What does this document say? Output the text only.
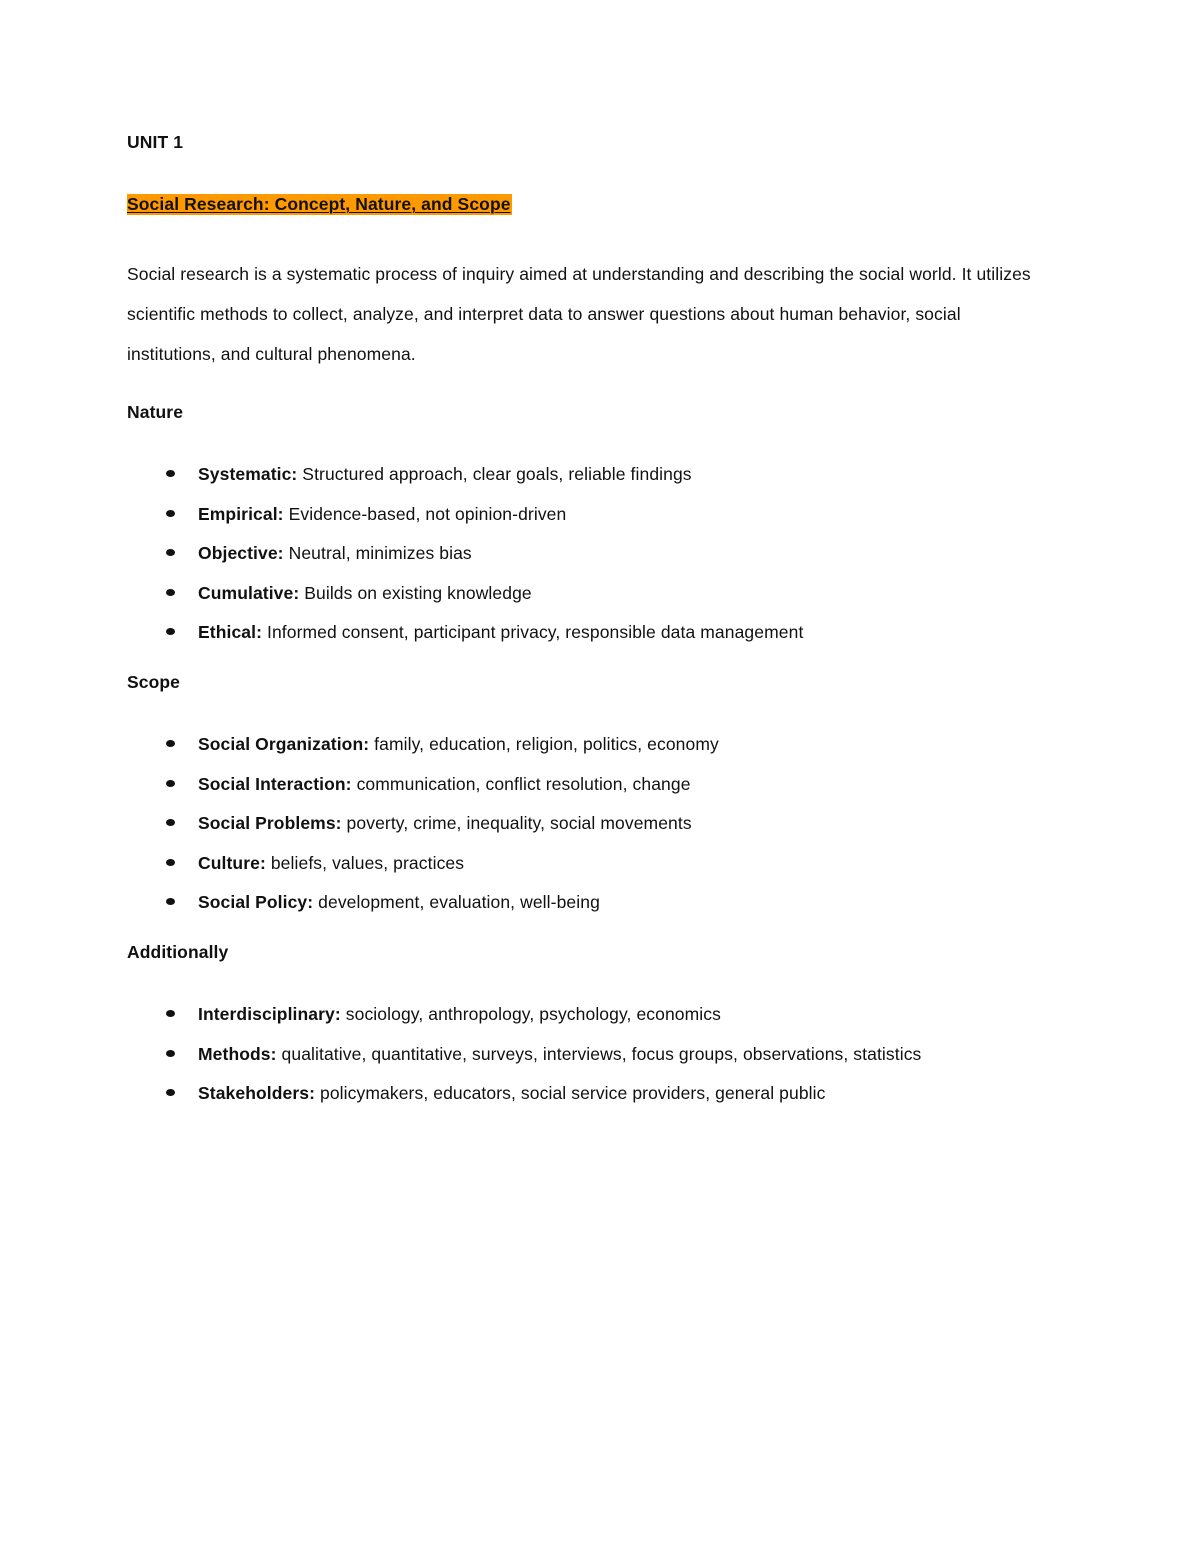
UNIT 1

Social Research: Concept, Nature, and Scope

Social research is a systematic process of inquiry aimed at understanding and describing the social world. It utilizes scientific methods to collect, analyze, and interpret data to answer questions about human behavior, social institutions, and cultural phenomena.

Nature

Systematic: Structured approach, clear goals, reliable findings
Empirical: Evidence-based, not opinion-driven
Objective: Neutral, minimizes bias
Cumulative: Builds on existing knowledge
Ethical: Informed consent, participant privacy, responsible data management

Scope

Social Organization: family, education, religion, politics, economy
Social Interaction: communication, conflict resolution, change
Social Problems: poverty, crime, inequality, social movements
Culture: beliefs, values, practices
Social Policy: development, evaluation, well-being

Additionally

Interdisciplinary: sociology, anthropology, psychology, economics
Methods: qualitative, quantitative, surveys, interviews, focus groups, observations, statistics
Stakeholders: policymakers, educators, social service providers, general public
